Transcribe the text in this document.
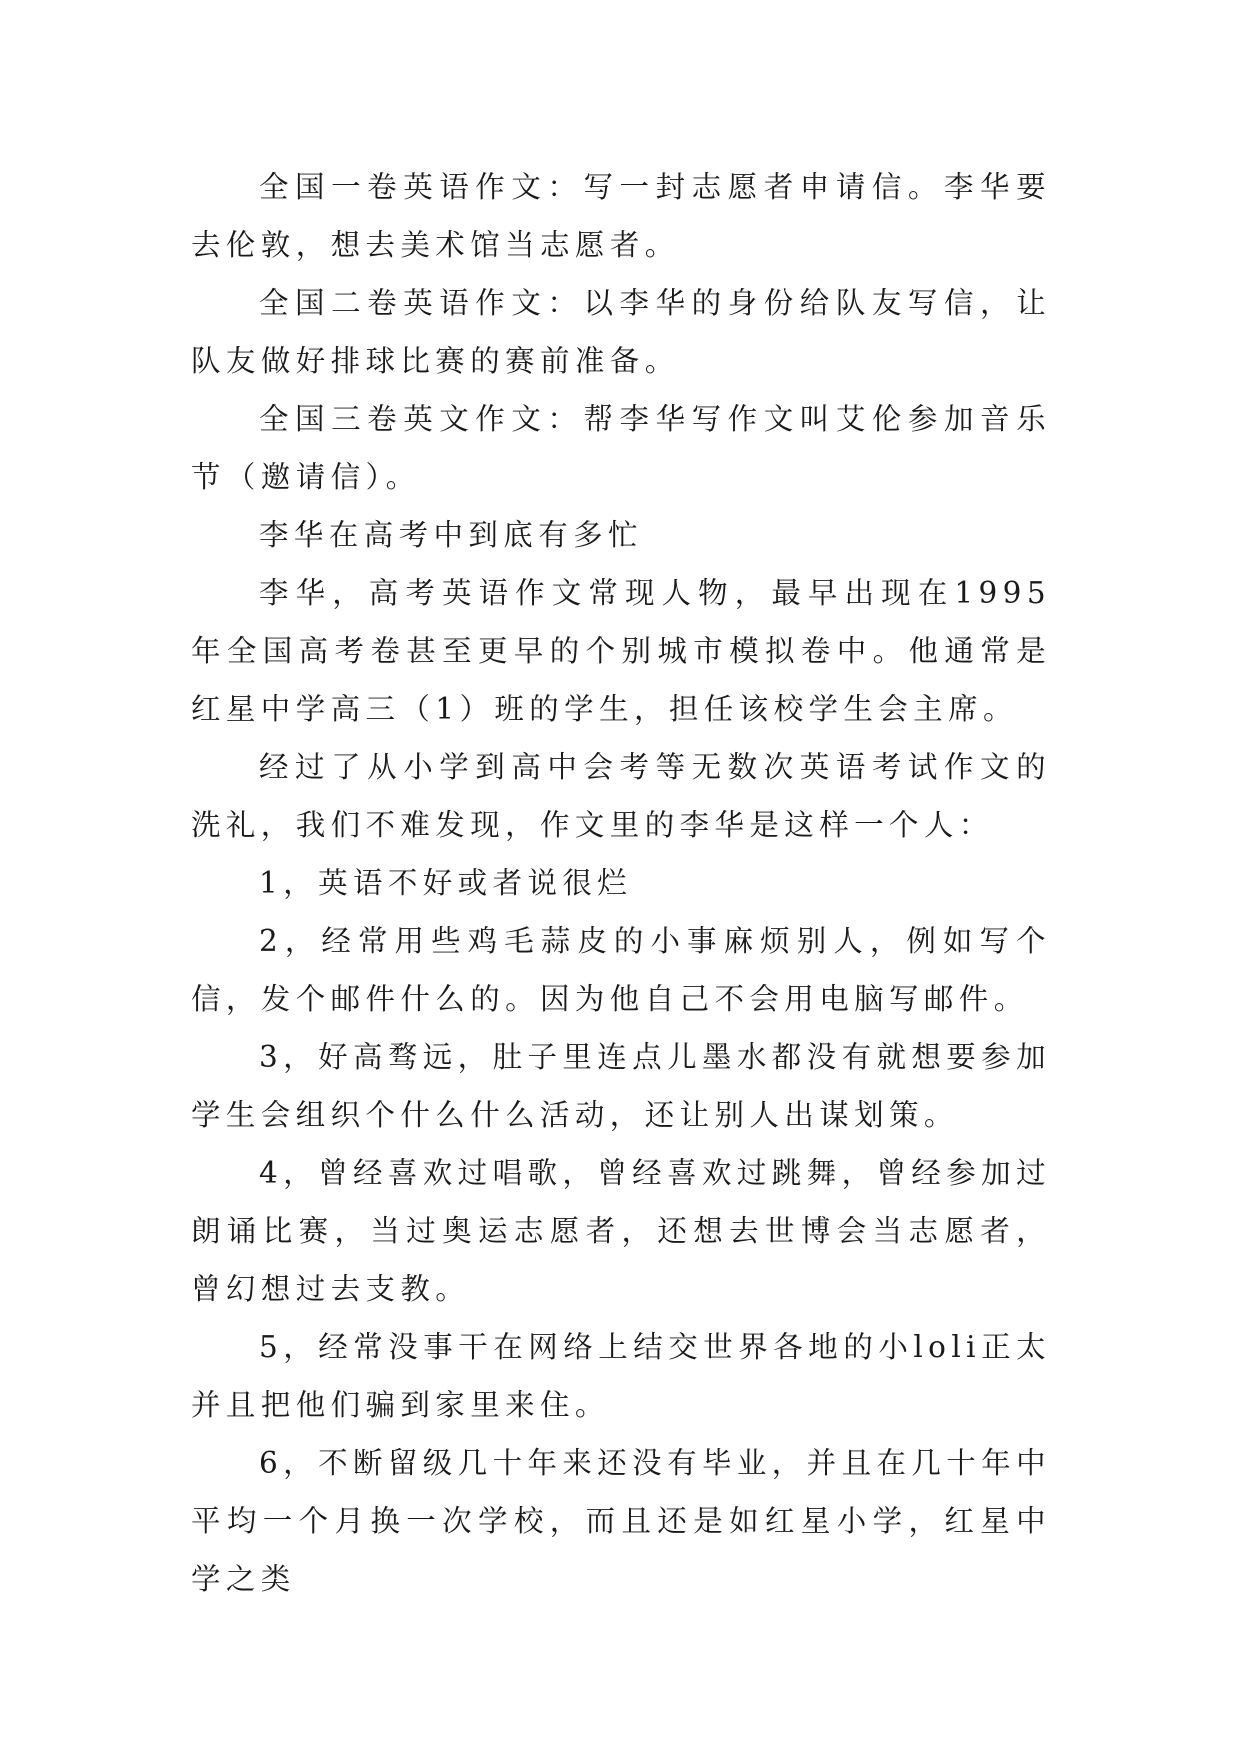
全国一卷英语作文：写一封志愿者申请信。李华要去伦敦，想去美术馆当志愿者。

全国二卷英语作文：以李华的身份给队友写信，让队友做好排球比赛的赛前准备。

全国三卷英文作文：帮李华写作文叫艾伦参加音乐节（邀请信）。

李华在高考中到底有多忙

李华，高考英语作文常现人物，最早出现在1995年全国高考卷甚至更早的个别城市模拟卷中。他通常是红星中学高三（1）班的学生，担任该校学生会主席。

经过了从小学到高中会考等无数次英语考试作文的洗礼，我们不难发现，作文里的李华是这样一个人：

1，英语不好或者说很烂

2，经常用些鸡毛蒜皮的小事麻烦别人，例如写个信，发个邮件什么的。因为他自己不会用电脑写邮件。

3，好高骛远，肚子里连点儿墨水都没有就想要参加学生会组织个什么什么活动，还让别人出谋划策。

4，曾经喜欢过唱歌，曾经喜欢过跳舞，曾经参加过朗诵比赛，当过奥运志愿者，还想去世博会当志愿者，曾幻想过去支教。

5，经常没事干在网络上结交世界各地的小loli正太并且把他们骗到家里来住。

6，不断留级几十年来还没有毕业，并且在几十年中平均一个月换一次学校，而且还是如红星小学，红星中学之类
